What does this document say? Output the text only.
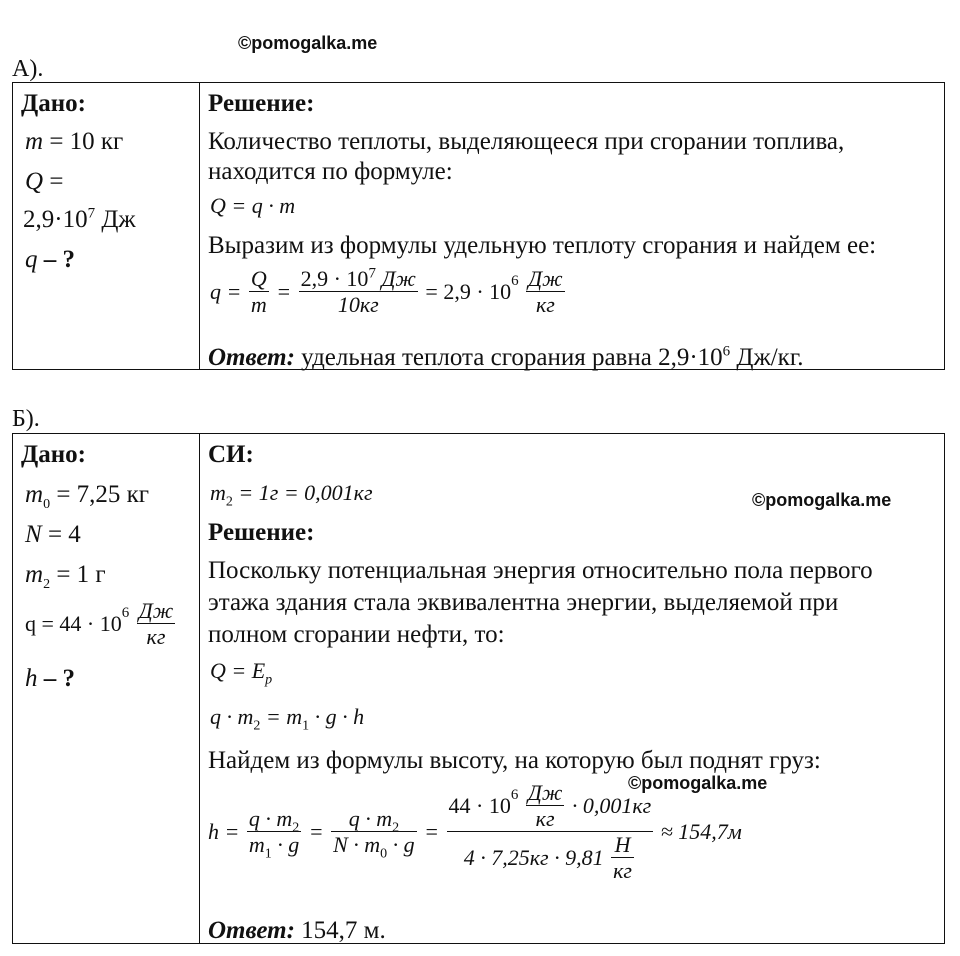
©pomogalka.me
©pomogalka.me
©pomogalka.me
А).
Дано:
m = 10 кг
Q =
$2,9\cdot 10^7$ Дж
q – ?

Решение:
Количество теплоты, выделяющееся при сгорании топлива,
находится по формуле:
Q = q · m
Выразим из формулы удельную теплоту сгорания и найдем ее:
$q = \frac{Q}{m} = \frac{2,9 \cdot 10^7 Дж}{10кг} = 2,9 \cdot 10^6 \frac{Дж}{кг}$
Ответ: удельная теплота сгорания равна $2,9\cdot 10^6$ Дж/кг.
Б).
Дано:
$m_0 = 7,25$ кг
N = 4
$m_2 = 1$ г
$q = 44 \cdot 10^6 \frac{Дж}{кг}$
h – ?

СИ:
$m_2 = 1г = 0,001кг$
Решение:
Поскольку потенциальная энергия относительно пола первого
этажа здания стала эквивалентна энергии, выделяемой при
полном сгорании нефти, то:
$Q = E_p$
$q \cdot m_2 = m_1 \cdot g \cdot h$
Найдем из формулы высоту, на которую был поднят груз:
$h = \frac{q \cdot m_2}{m_1 \cdot g} = \frac{q \cdot m_2}{N \cdot m_0 \cdot g} = \frac{44 \cdot 10^6 \frac{Дж}{кг} \cdot 0,001кг}{4 \cdot 7,25кг \cdot 9,81 \frac{Н}{кг}} \approx 154,7м$
Ответ: 154,7 м.
